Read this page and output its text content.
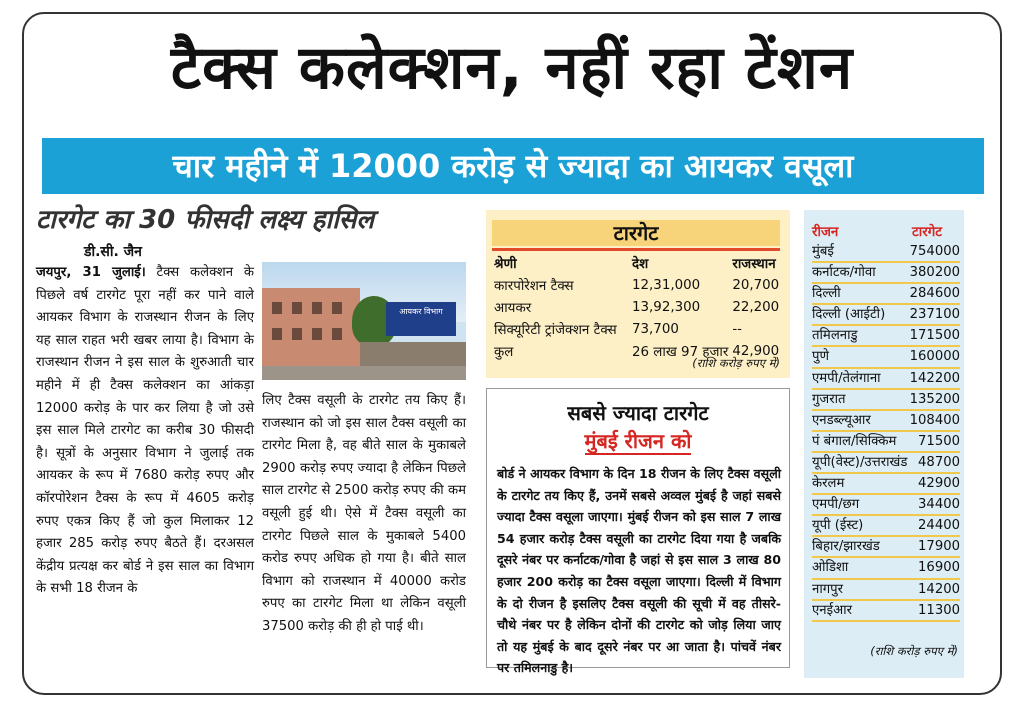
टैक्स कलेक्शन, नहीं रहा टेंशन
चार महीने में 12000 करोड़ से ज्यादा का आयकर वसूला
टारगेट का 30 फीसदी लक्ष्य हासिल
डी.सी. जैन
जयपुर, 31 जुलाई। टैक्स कलेक्शन के पिछले वर्ष टारगेट पूरा नहीं कर पाने वाले आयकर विभाग के राजस्थान रीजन के लिए यह साल राहत भरी खबर लाया है। विभाग के राजस्थान रीजन ने इस साल के शुरुआती चार महीने में ही टैक्स कलेक्शन का आंकड़ा 12000 करोड़ के पार कर लिया है जो उसे इस साल मिले टारगेट का करीब 30 फीसदी है। सूत्रों के अनुसार विभाग ने जुलाई तक आयकर के रूप में 7680 करोड़ रुपए और कॉरपोरेशन टैक्स के रूप में 4605 करोड़ रुपए एकत्र किए हैं जो कुल मिलाकर 12 हजार 285 करोड़ रुपए बैठते हैं। दरअसल केंद्रीय प्रत्यक्ष कर बोर्ड ने इस साल का विभाग के सभी 18 रीजन के
आयकर विभाग
लिए टैक्स वसूली के टारगेट तय किए हैं। राजस्थान को जो इस साल टैक्स वसूली का टारगेट मिला है, वह बीते साल के मुकाबले 2900 करोड़ रुपए ज्यादा है लेकिन पिछले साल टारगेट से 2500 करोड़ रुपए की कम वसूली हुई थी। ऐसे में टैक्स वसूली का टारगेट पिछले साल के मुकाबले 5400 करोड रुपए अधिक हो गया है। बीते साल विभाग को राजस्थान में 40000 करोड रुपए का टारगेट मिला था लेकिन वसूली 37500 करोड़ की ही हो पाई थी।
टारगेट
श्रेणी	देश	राजस्थान
कारपोरेशन टैक्स	12,31,000	20,700
आयकर	13,92,300	22,200
सिक्यूरिटी ट्रांजेक्शन टैक्स	73,700	--
कुल	26 लाख 97 हजार	42,900
(राशि करोड़ रुपए में)
सबसे ज्यादा टारगेट
मुंबई रीजन को
बोर्ड ने आयकर विभाग के दिन 18 रीजन के लिए टैक्स वसूली के टारगेट तय किए हैं, उनमें सबसे अव्वल मुंबई है जहां सबसे ज्यादा टैक्स वसूला जाएगा। मुंबई रीजन को इस साल 7 लाख 54 हजार करोड़ टैक्स वसूली का टारगेट दिया गया है जबकि दूसरे नंबर पर कर्नाटक/गोवा है जहां से इस साल 3 लाख 80 हजार 200 करोड़ का टैक्स वसूला जाएगा। दिल्ली में विभाग के दो रीजन है इसलिए टैक्स वसूली की सूची में वह तीसरे-चौथे नंबर पर है लेकिन दोनों की टारगेट को जोड़ लिया जाए तो यह मुंबई के बाद दूसरे नंबर पर आ जाता है। पांचवें नंबर पर तमिलनाडु है।
रीजन	टारगेट
मुंबई	754000
कर्नाटक/गोवा	380200
दिल्ली	284600
दिल्ली (आईटी) 237100
तमिलनाडु	171500
पुणे	160000
एमपी/तेलंगाना 142200
गुजरात	135200
एनडब्ल्यूआर	108400
पं बंगाल/सिक्किम 71500
यूपी(वेस्ट)/उत्तराखंड 48700
केरलम	42900
एमपी/छग	34400
यूपी (ईस्ट)	24400
बिहार/झारखंड	17900
ओडिशा	16900
नागपुर	14200
एनईआर	11300
(राशि करोड़ रुपए में)
